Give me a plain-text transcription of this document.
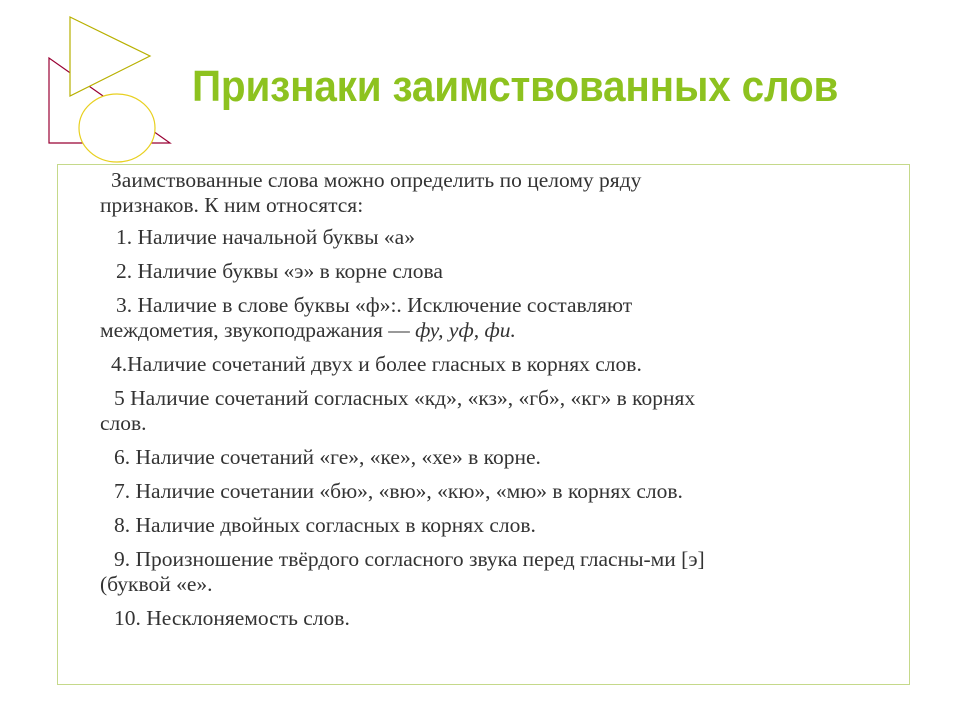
Признаки заимствованных слов
Заимствованные слова можно определить по целому ряду
признаков. К ним относятся:
1. Наличие начальной буквы «а»
2. Наличие буквы «э» в корне слова
3. Наличие в слове буквы «ф»:. Исключение составляют
междометия, звукоподражания — фу, уф, фи.
4.Наличие сочетаний двух и более гласных в корнях слов.
5 Наличие сочетаний согласных «кд», «кз», «гб», «кг» в корнях
слов.
6. Наличие сочетаний «ге», «ке», «хе» в корне.
7. Наличие сочетании «бю», «вю», «кю», «мю» в корнях слов.
8. Наличие двойных согласных в корнях слов.
9. Произношение твёрдого согласного звука перед гласны-ми [э]
(буквой «е».
10. Несклоняемость слов.
